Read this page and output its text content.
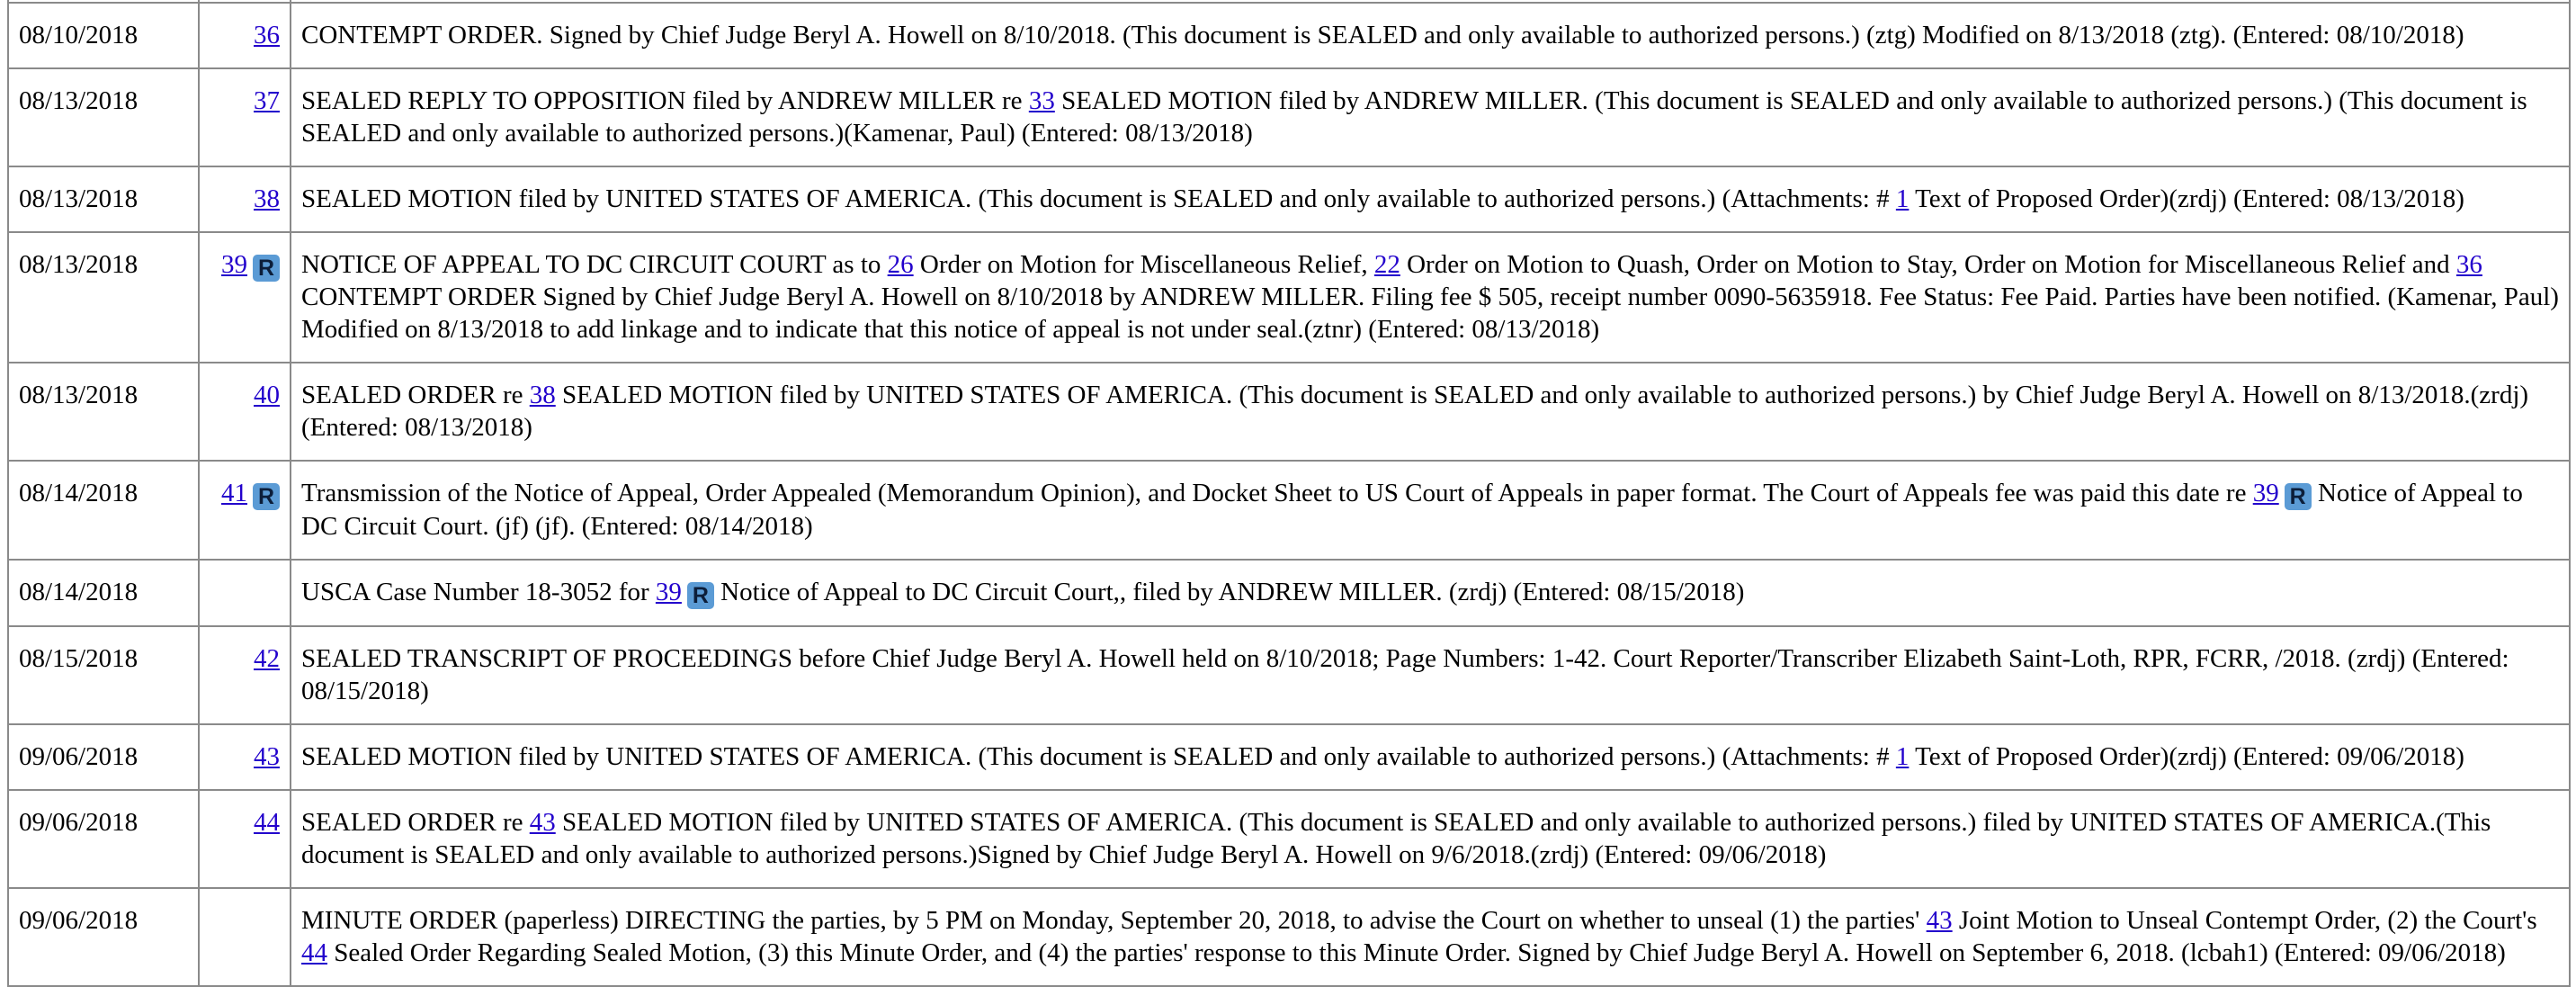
08/10/2018	36	CONTEMPT ORDER. Signed by Chief Judge Beryl A. Howell on 8/10/2018. (This document is SEALED and only available to authorized persons.) (ztg) Modified on 8/13/2018 (ztg). (Entered: 08/10/2018)
08/13/2018	37	SEALED REPLY TO OPPOSITION filed by ANDREW MILLER re 33 SEALED MOTION filed by ANDREW MILLER. (This document is SEALED and only available to authorized persons.) (This document is SEALED and only available to authorized persons.)(Kamenar, Paul) (Entered: 08/13/2018)
08/13/2018	38	SEALED MOTION filed by UNITED STATES OF AMERICA. (This document is SEALED and only available to authorized persons.) (Attachments: # 1 Text of Proposed Order)(zrdj) (Entered: 08/13/2018)
08/13/2018	39 R	NOTICE OF APPEAL TO DC CIRCUIT COURT as to 26 Order on Motion for Miscellaneous Relief, 22 Order on Motion to Quash, Order on Motion to Stay, Order on Motion for Miscellaneous Relief and 36 CONTEMPT ORDER Signed by Chief Judge Beryl A. Howell on 8/10/2018 by ANDREW MILLER. Filing fee $ 505, receipt number 0090-5635918. Fee Status: Fee Paid. Parties have been notified. (Kamenar, Paul) Modified on 8/13/2018 to add linkage and to indicate that this notice of appeal is not under seal.(ztnr) (Entered: 08/13/2018)
08/13/2018	40	SEALED ORDER re 38 SEALED MOTION filed by UNITED STATES OF AMERICA. (This document is SEALED and only available to authorized persons.) by Chief Judge Beryl A. Howell on 8/13/2018.(zrdj) (Entered: 08/13/2018)
08/14/2018	41 R	Transmission of the Notice of Appeal, Order Appealed (Memorandum Opinion), and Docket Sheet to US Court of Appeals in paper format. The Court of Appeals fee was paid this date re 39 R Notice of Appeal to DC Circuit Court. (jf) (jf). (Entered: 08/14/2018)
08/14/2018		USCA Case Number 18-3052 for 39 R Notice of Appeal to DC Circuit Court,, filed by ANDREW MILLER. (zrdj) (Entered: 08/15/2018)
08/15/2018	42	SEALED TRANSCRIPT OF PROCEEDINGS before Chief Judge Beryl A. Howell held on 8/10/2018; Page Numbers: 1-42. Court Reporter/Transcriber Elizabeth Saint-Loth, RPR, FCRR, /2018. (zrdj) (Entered: 08/15/2018)
09/06/2018	43	SEALED MOTION filed by UNITED STATES OF AMERICA. (This document is SEALED and only available to authorized persons.) (Attachments: # 1 Text of Proposed Order)(zrdj) (Entered: 09/06/2018)
09/06/2018	44	SEALED ORDER re 43 SEALED MOTION filed by UNITED STATES OF AMERICA. (This document is SEALED and only available to authorized persons.) filed by UNITED STATES OF AMERICA.(This document is SEALED and only available to authorized persons.)Signed by Chief Judge Beryl A. Howell on 9/6/2018.(zrdj) (Entered: 09/06/2018)
09/06/2018		MINUTE ORDER (paperless) DIRECTING the parties, by 5 PM on Monday, September 20, 2018, to advise the Court on whether to unseal (1) the parties' 43 Joint Motion to Unseal Contempt Order, (2) the Court's 44 Sealed Order Regarding Sealed Motion, (3) this Minute Order, and (4) the parties' response to this Minute Order. Signed by Chief Judge Beryl A. Howell on September 6, 2018. (lcbah1) (Entered: 09/06/2018)
